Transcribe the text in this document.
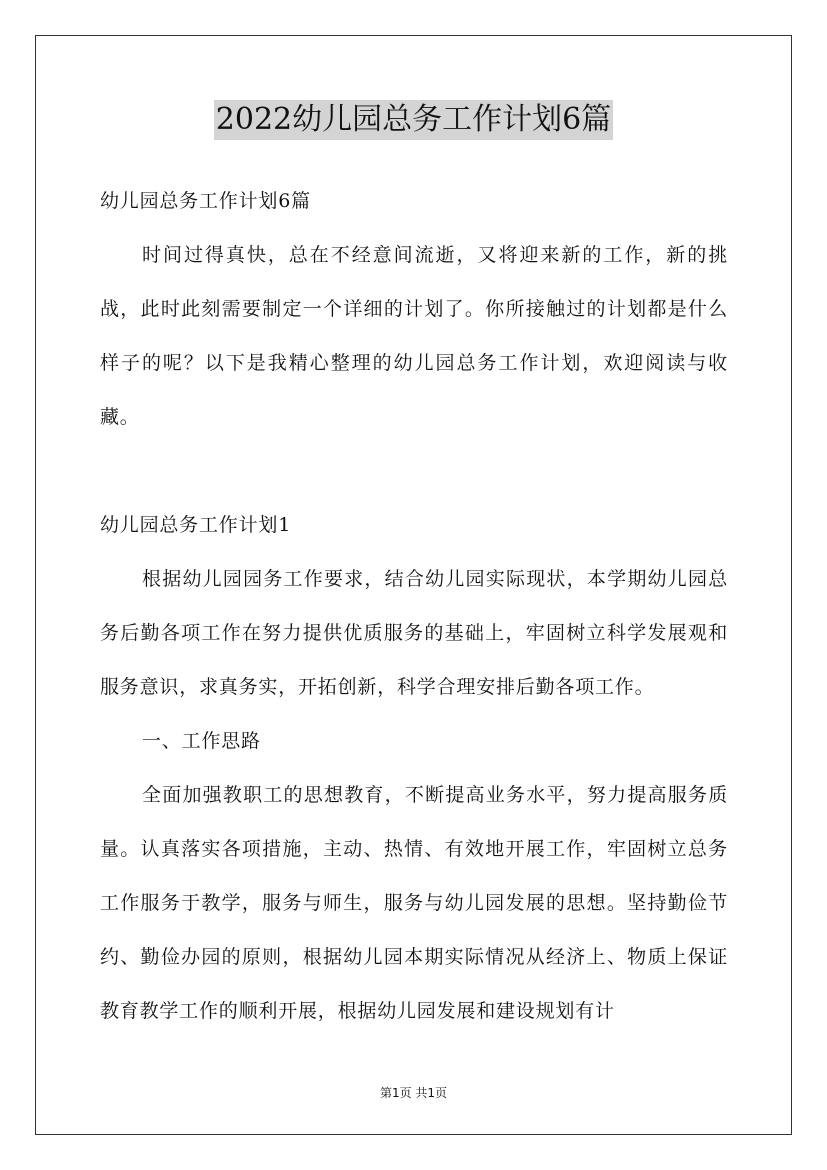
2022幼儿园总务工作计划6篇

幼儿园总务工作计划6篇

时间过得真快，总在不经意间流逝，又将迎来新的工作，新的挑战，此时此刻需要制定一个详细的计划了。你所接触过的计划都是什么样子的呢？以下是我精心整理的幼儿园总务工作计划，欢迎阅读与收藏。

幼儿园总务工作计划1

根据幼儿园园务工作要求，结合幼儿园实际现状，本学期幼儿园总务后勤各项工作在努力提供优质服务的基础上，牢固树立科学发展观和服务意识，求真务实，开拓创新，科学合理安排后勤各项工作。

一、工作思路

全面加强教职工的思想教育，不断提高业务水平，努力提高服务质量。认真落实各项措施，主动、热情、有效地开展工作，牢固树立总务工作服务于教学，服务与师生，服务与幼儿园发展的思想。坚持勤俭节约、勤俭办园的原则，根据幼儿园本期实际情况从经济上、物质上保证教育教学工作的顺利开展，根据幼儿园发展和建设规划有计

第1页 共1页
